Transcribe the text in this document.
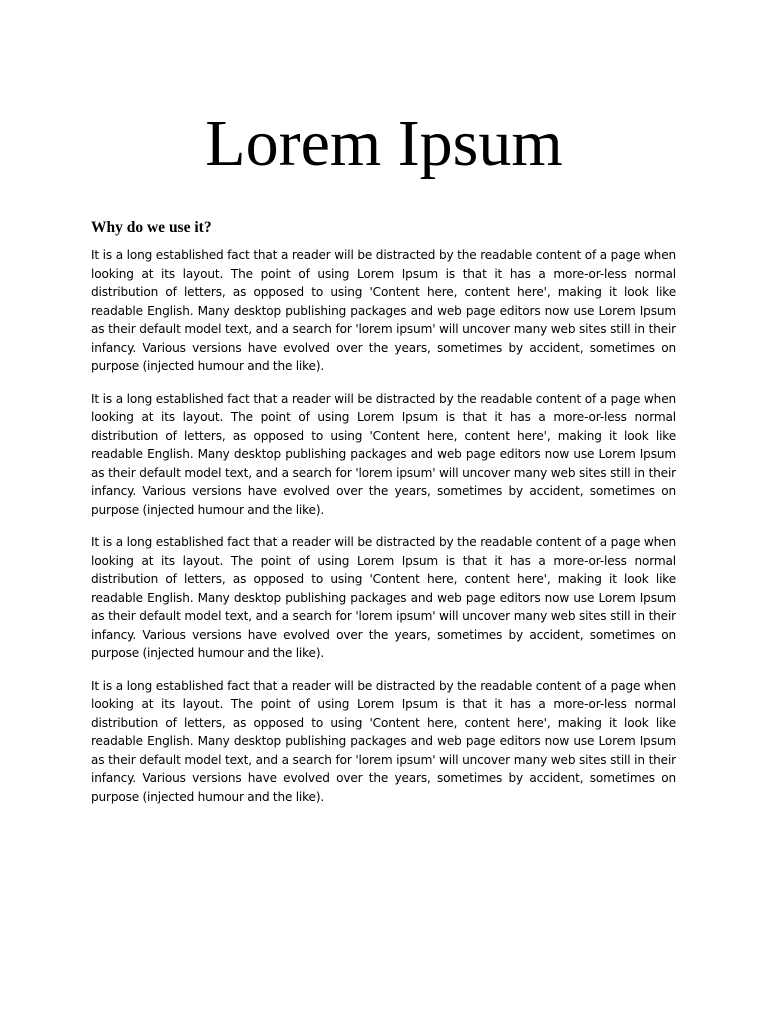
Lorem Ipsum
Why do we use it?

It is a long established fact that a reader will be distracted by the readable content of a page when looking at its layout. The point of using Lorem Ipsum is that it has a more-or-less normal distribution of letters, as opposed to using 'Content here, content here', making it look like readable English. Many desktop publishing packages and web page editors now use Lorem Ipsum as their default model text, and a search for 'lorem ipsum' will uncover many web sites still in their infancy. Various versions have evolved over the years, sometimes by accident, sometimes on purpose (injected humour and the like).

It is a long established fact that a reader will be distracted by the readable content of a page when looking at its layout. The point of using Lorem Ipsum is that it has a more-or-less normal distribution of letters, as opposed to using 'Content here, content here', making it look like readable English. Many desktop publishing packages and web page editors now use Lorem Ipsum as their default model text, and a search for 'lorem ipsum' will uncover many web sites still in their infancy. Various versions have evolved over the years, sometimes by accident, sometimes on purpose (injected humour and the like).

It is a long established fact that a reader will be distracted by the readable content of a page when looking at its layout. The point of using Lorem Ipsum is that it has a more-or-less normal distribution of letters, as opposed to using 'Content here, content here', making it look like readable English. Many desktop publishing packages and web page editors now use Lorem Ipsum as their default model text, and a search for 'lorem ipsum' will uncover many web sites still in their infancy. Various versions have evolved over the years, sometimes by accident, sometimes on purpose (injected humour and the like).

It is a long established fact that a reader will be distracted by the readable content of a page when looking at its layout. The point of using Lorem Ipsum is that it has a more-or-less normal distribution of letters, as opposed to using 'Content here, content here', making it look like readable English. Many desktop publishing packages and web page editors now use Lorem Ipsum as their default model text, and a search for 'lorem ipsum' will uncover many web sites still in their infancy. Various versions have evolved over the years, sometimes by accident, sometimes on purpose (injected humour and the like).
